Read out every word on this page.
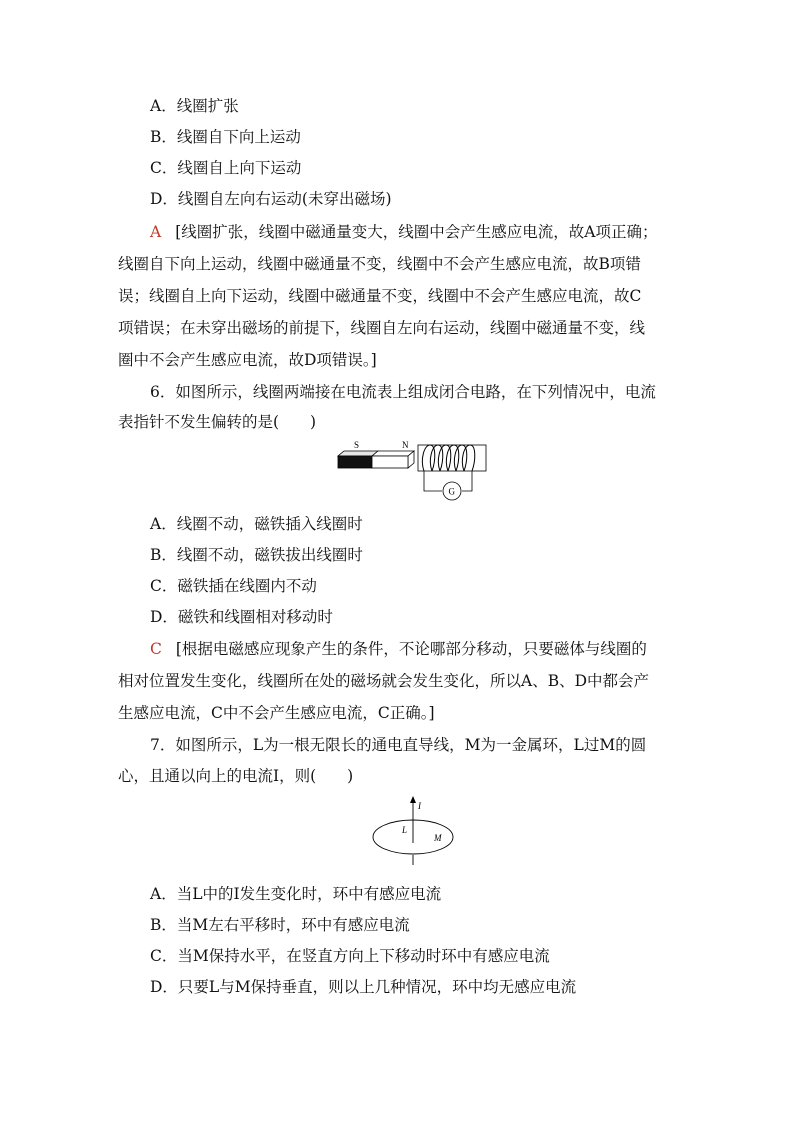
A．线圈扩张
B．线圈自下向上运动
C．线圈自上向下运动
D．线圈自左向右运动(未穿出磁场)
A [线圈扩张，线圈中磁通量变大，线圈中会产生感应电流，故A项正确；
线圈自下向上运动，线圈中磁通量不变，线圈中不会产生感应电流，故B项错
误；线圈自上向下运动，线圈中磁通量不变，线圈中不会产生感应电流，故C
项错误；在未穿出磁场的前提下，线圈自左向右运动，线圈中磁通量不变，线
圈中不会产生感应电流，故D项错误。]
6．如图所示，线圈两端接在电流表上组成闭合电路，在下列情况中，电流
表指针不发生偏转的是(　　)
S	N
G
A．线圈不动，磁铁插入线圈时
B．线圈不动，磁铁拔出线圈时
C．磁铁插在线圈内不动
D．磁铁和线圈相对移动时
C [根据电磁感应现象产生的条件，不论哪部分移动，只要磁体与线圈的
相对位置发生变化，线圈所在处的磁场就会发生变化，所以A、B、D中都会产
生感应电流，C中不会产生感应电流，C正确。]
7．如图所示，L为一根无限长的通电直导线，M为一金属环，L过M的圆
心，且通以向上的电流I，则(　　)
I
L
M
A．当L中的I发生变化时，环中有感应电流
B．当M左右平移时，环中有感应电流
C．当M保持水平，在竖直方向上下移动时环中有感应电流
D．只要L与M保持垂直，则以上几种情况，环中均无感应电流
